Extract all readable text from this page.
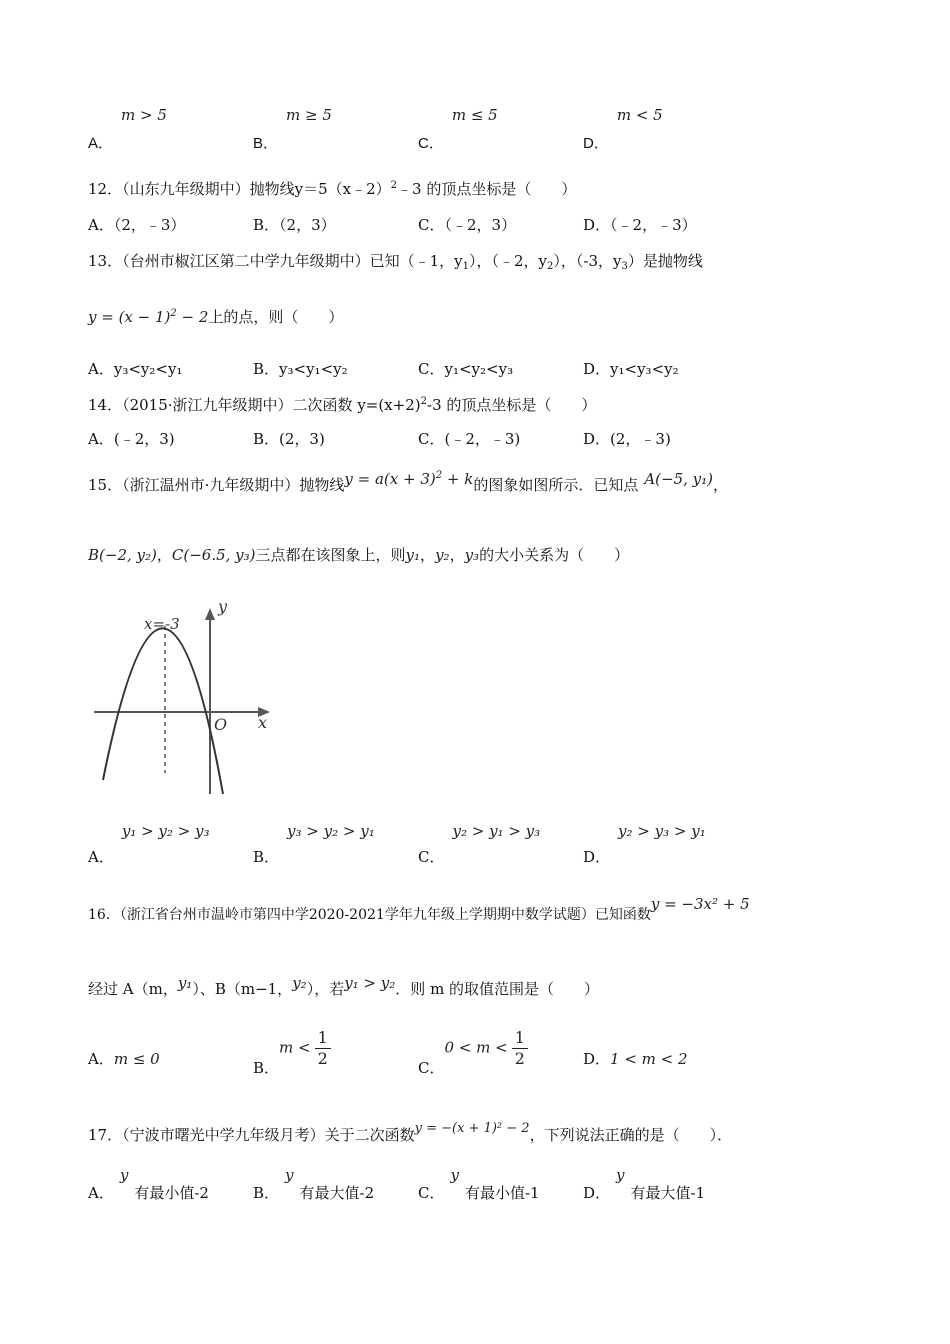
A．m > 5
B．m ≥ 5
C．m ≤ 5
D．m < 5
12．（山东九年级期中）抛物线y＝5（x﹣2）$^2$﹣3 的顶点坐标是（　　）
A．（2，﹣3）	B．（2，3）	C．（﹣2，3）	D．（﹣2，﹣3）
13．（台州市椒江区第二中学九年级期中）已知（﹣1，$y_1$），（﹣2，$y_2$），（-3，$y_3$）是抛物线
$y = (x - 1)^2 - 2$上的点，则（　　）
A．y₃<y₂<y₁	B．y₃<y₁<y₂	C．y₁<y₂<y₃	D．y₁<y₃<y₂
14．（2015·浙江九年级期中）二次函数 $y=(x+2)^2-3$ 的顶点坐标是（　　）
A．(﹣2，3)	B．(2，3)	C．(﹣2，﹣3)	D．(2，﹣3)
15．（浙江温州市·九年级期中）抛物线$y = a(x + 3)^2 + k$的图象如图所示．已知点 A(−5, y₁)，
B(−2, y₂)，C(−6.5, y₃)三点都在该图象上，则y₁，y₂，y₃的大小关系为（　　）
x=-3
y
x
O
A．y₁ > y₂ > y₃
B．y₃ > y₂ > y₁
C．y₂ > y₁ > y₃
D．y₂ > y₃ > y₁
16．（浙江省台州市温岭市第四中学2020-2021学年九年级上学期期中数学试题）已知函数y = −3x² + 5
经过 A（m，y₁）、B（m−1，y₂），若y₁ > y₂．则 m 的取值范围是（　　）
A．m ≤ 0	B．$m < \frac{1}{2}$	C．$0 < m < \frac{1}{2}$	D．1 < m < 2
17．（宁波市曙光中学九年级月考）关于二次函数y = −(x + 1)² − 2，下列说法正确的是（　　）．
A．y有最小值-2	B．y有最大值-2	C．y有最小值-1	D．y有最大值-1
